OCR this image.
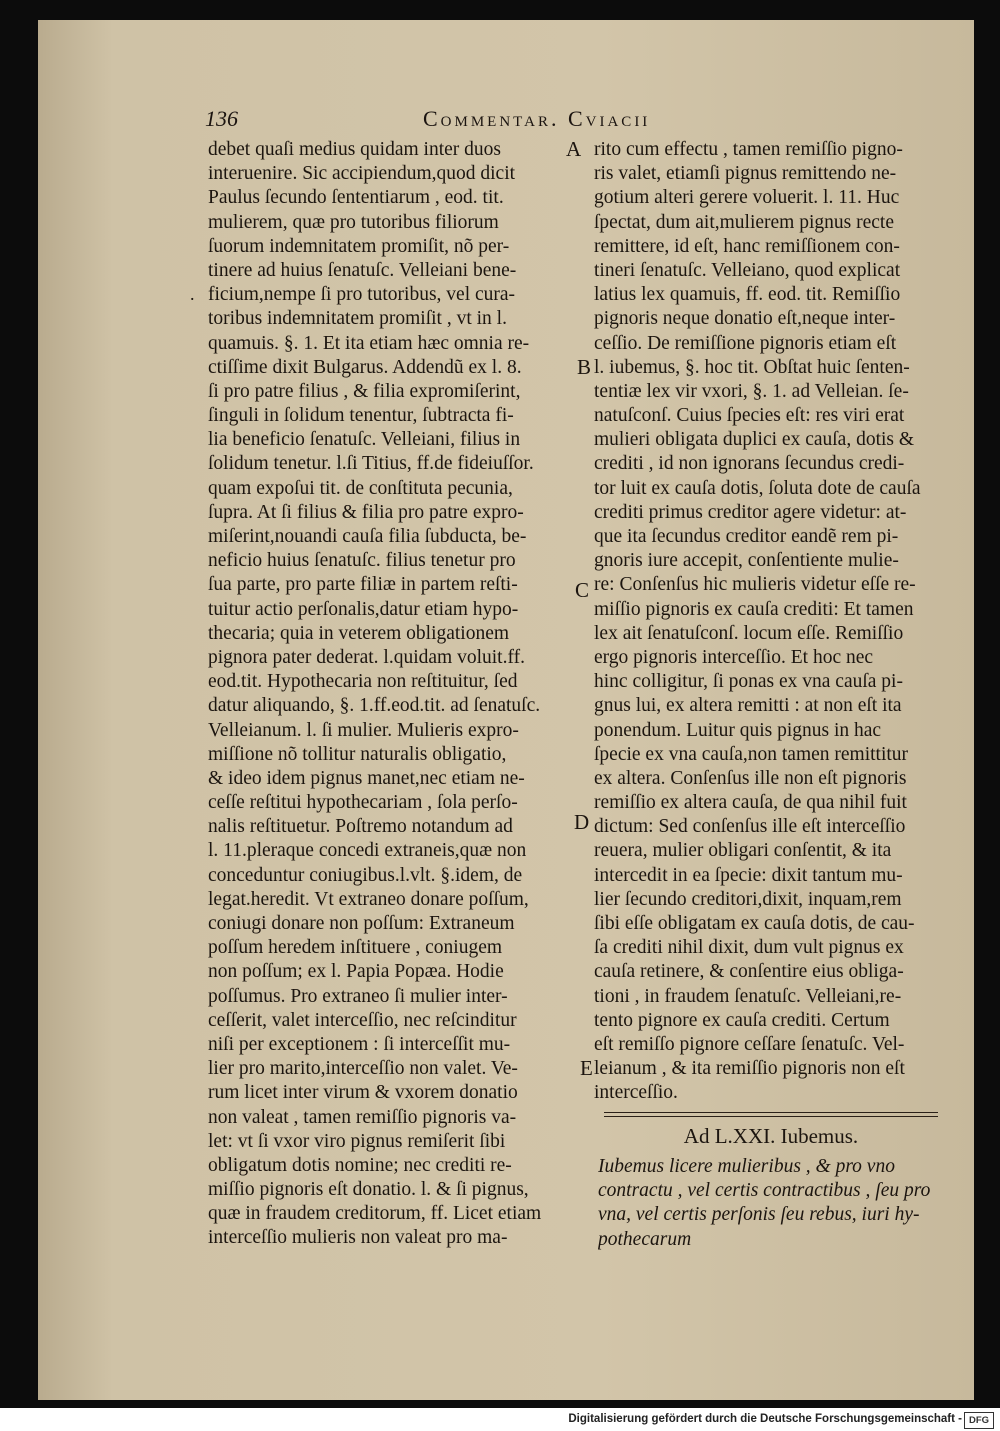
136	Commentar. Cviacii
.
A
B
C
D
E
debet quaſi medius quidam inter duos
interuenire. Sic accipiendum,quod dicit
Paulus ſecundo ſententiarum , eod. tit.
mulierem, quæ pro tutoribus filiorum
ſuorum indemnitatem promiſit, nõ per-
tinere ad huius ſenatuſc. Velleiani bene-
ficium,nempe ſi pro tutoribus, vel cura-
toribus indemnitatem promiſit , vt in l.
quamuis. §. 1. Et ita etiam hæc omnia re-
ctiſſime dixit Bulgarus. Addendũ ex l. 8.
ſi pro patre filius , & filia expromiſerint,
ſinguli in ſolidum tenentur, ſubtracta fi-
lia beneficio ſenatuſc. Velleiani, filius in
ſolidum tenetur. l.ſi Titius, ff.de fideiuſſor.
quam expoſui tit. de conſtituta pecunia,
ſupra. At ſi filius & filia pro patre expro-
miſerint,nouandi cauſa filia ſubducta, be-
neficio huius ſenatuſc. filius tenetur pro
ſua parte, pro parte filiæ in partem reſti-
tuitur actio perſonalis,datur etiam hypo-
thecaria; quia in veterem obligationem
pignora pater dederat. l.quidam voluit.ff.
eod.tit. Hypothecaria non reſtituitur, ſed
datur aliquando, §. 1.ff.eod.tit. ad ſenatuſc.
Velleianum. l. ſi mulier. Mulieris expro-
miſſione nõ tollitur naturalis obligatio,
& ideo idem pignus manet,nec etiam ne-
ceſſe reſtitui hypothecariam , ſola perſo-
nalis reſtituetur. Poſtremo notandum ad
l. 11.pleraque concedi extraneis,quæ non
conceduntur coniugibus.l.vlt. §.idem, de
legat.heredit. Vt extraneo donare poſſum,
coniugi donare non poſſum: Extraneum
poſſum heredem inſtituere , coniugem
non poſſum; ex l. Papia Popæa. Hodie
poſſumus. Pro extraneo ſi mulier inter-
ceſſerit, valet interceſſio, nec reſcinditur
niſi per exceptionem : ſi interceſſit mu-
lier pro marito,interceſſio non valet. Ve-
rum licet inter virum & vxorem donatio
non valeat , tamen remiſſio pignoris va-
let: vt ſi vxor viro pignus remiſerit ſibi
obligatum dotis nomine; nec crediti re-
miſſio pignoris eſt donatio. l. & ſi pignus,
quæ in fraudem creditorum, ff. Licet etiam
interceſſio mulieris non valeat pro ma-
rito cum effectu , tamen remiſſio pigno-
ris valet, etiamſi pignus remittendo ne-
gotium alteri gerere voluerit. l. 11. Huc
ſpectat, dum ait,mulierem pignus recte
remittere, id eſt, hanc remiſſionem con-
tineri ſenatuſc. Velleiano, quod explicat
latius lex quamuis, ff. eod. tit. Remiſſio
pignoris neque donatio eſt,neque inter-
ceſſio. De remiſſione pignoris etiam eſt
l. iubemus, §. hoc tit. Obſtat huic ſenten-
tentiæ lex vir vxori, §. 1. ad Velleian. ſe-
natuſconſ. Cuius ſpecies eſt: res viri erat
mulieri obligata duplici ex cauſa, dotis &
crediti , id non ignorans ſecundus credi-
tor luit ex cauſa dotis, ſoluta dote de cauſa
crediti primus creditor agere videtur: at-
que ita ſecundus creditor eandẽ rem pi-
gnoris iure accepit, conſentiente mulie-
re: Conſenſus hic mulieris videtur eſſe re-
miſſio pignoris ex cauſa crediti: Et tamen
lex ait ſenatuſconſ. locum eſſe. Remiſſio
ergo pignoris interceſſio. Et hoc nec
hinc colligitur, ſi ponas ex vna cauſa pi-
gnus lui, ex altera remitti : at non eſt ita
ponendum. Luitur quis pignus in hac
ſpecie ex vna cauſa,non tamen remittitur
ex altera. Conſenſus ille non eſt pignoris
remiſſio ex altera cauſa, de qua nihil fuit
dictum: Sed conſenſus ille eſt interceſſio
reuera, mulier obligari conſentit, & ita
intercedit in ea ſpecie: dixit tantum mu-
lier ſecundo creditori,dixit, inquam,rem
ſibi eſſe obligatam ex cauſa dotis, de cau-
ſa crediti nihil dixit, dum vult pignus ex
cauſa retinere, & conſentire eius obliga-
tioni , in fraudem ſenatuſc. Velleiani,re-
tento pignore ex cauſa crediti. Certum
eſt remiſſo pignore ceſſare ſenatuſc. Vel-
leianum , & ita remiſſio pignoris non eſt
interceſſio.
Ad L.XXI. Iubemus.
Iubemus licere mulieribus , & pro vno
contractu , vel certis contractibus , ſeu pro
vna, vel certis perſonis ſeu rebus, iuri hy-
pothecarum
Digitalisierung gefördert durch die Deutsche Forschungsgemeinschaft - DFG
